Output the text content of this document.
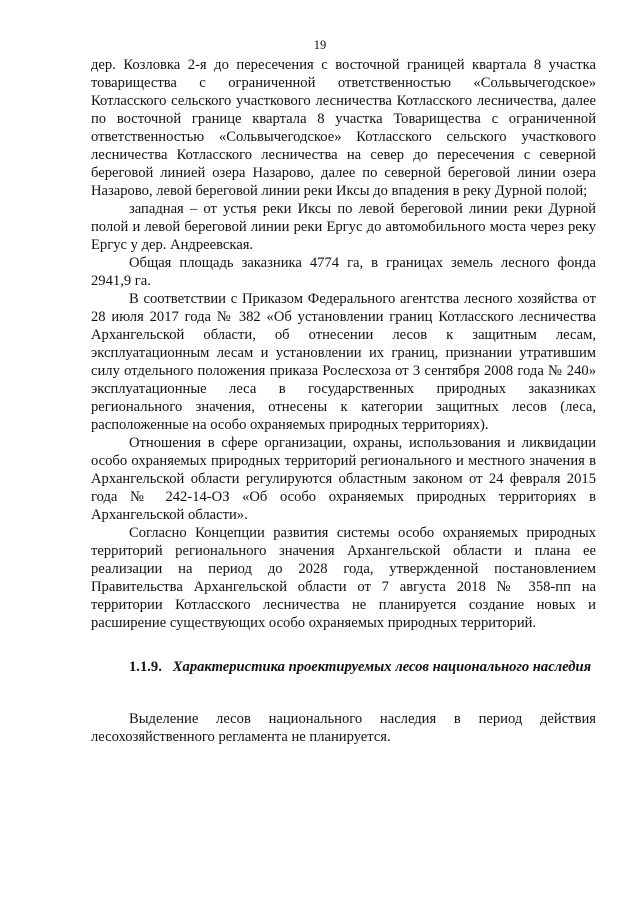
19

дер. Козловка 2-я до пересечения с восточной границей квартала 8 участка товарищества с ограниченной ответственностью «Сольвычегодское» Котласского сельского участкового лесничества Котласского лесничества, далее по восточной границе квартала 8 участка Товарищества с ограниченной ответственностью «Сольвычегодское» Котласского сельского участкового лесничества Котласского лесничества на север до пересечения с северной береговой линией озера Назарово, далее по северной береговой линии озера Назарово, левой береговой линии реки Иксы до впадения в реку Дурной полой;

западная – от устья реки Иксы по левой береговой линии реки Дурной полой и левой береговой линии реки Ергус до автомобильного моста через реку Ергус у дер. Андреевская.

Общая площадь заказника 4774 га, в границах земель лесного фонда 2941,9 га.

В соответствии с Приказом Федерального агентства лесного хозяйства от 28 июля 2017 года № 382 «Об установлении границ Котласского лесничества Архангельской области, об отнесении лесов к защитным лесам, эксплуатационным лесам и установлении их границ, признании утратившим силу отдельного положения приказа Рослесхоза от 3 сентября 2008 года № 240» эксплуатационные леса в государственных природных заказниках регионального значения, отнесены к категории защитных лесов (леса, расположенные на особо охраняемых природных территориях).

Отношения в сфере организации, охраны, использования и ликвидации особо охраняемых природных территорий регионального и местного значения в Архангельской области регулируются областным законом от 24 февраля 2015 года № 242-14-ОЗ «Об особо охраняемых природных территориях в Архангельской области».

Согласно Концепции развития системы особо охраняемых природных территорий регионального значения Архангельской области и плана ее реализации на период до 2028 года, утвержденной постановлением Правительства Архангельской области от 7 августа 2018 № 358-пп на территории Котласского лесничества не планируется создание новых и расширение существующих особо охраняемых природных территорий.

1.1.9. Характеристика проектируемых лесов национального наследия

Выделение лесов национального наследия в период действия лесохозяйственного регламента не планируется.
